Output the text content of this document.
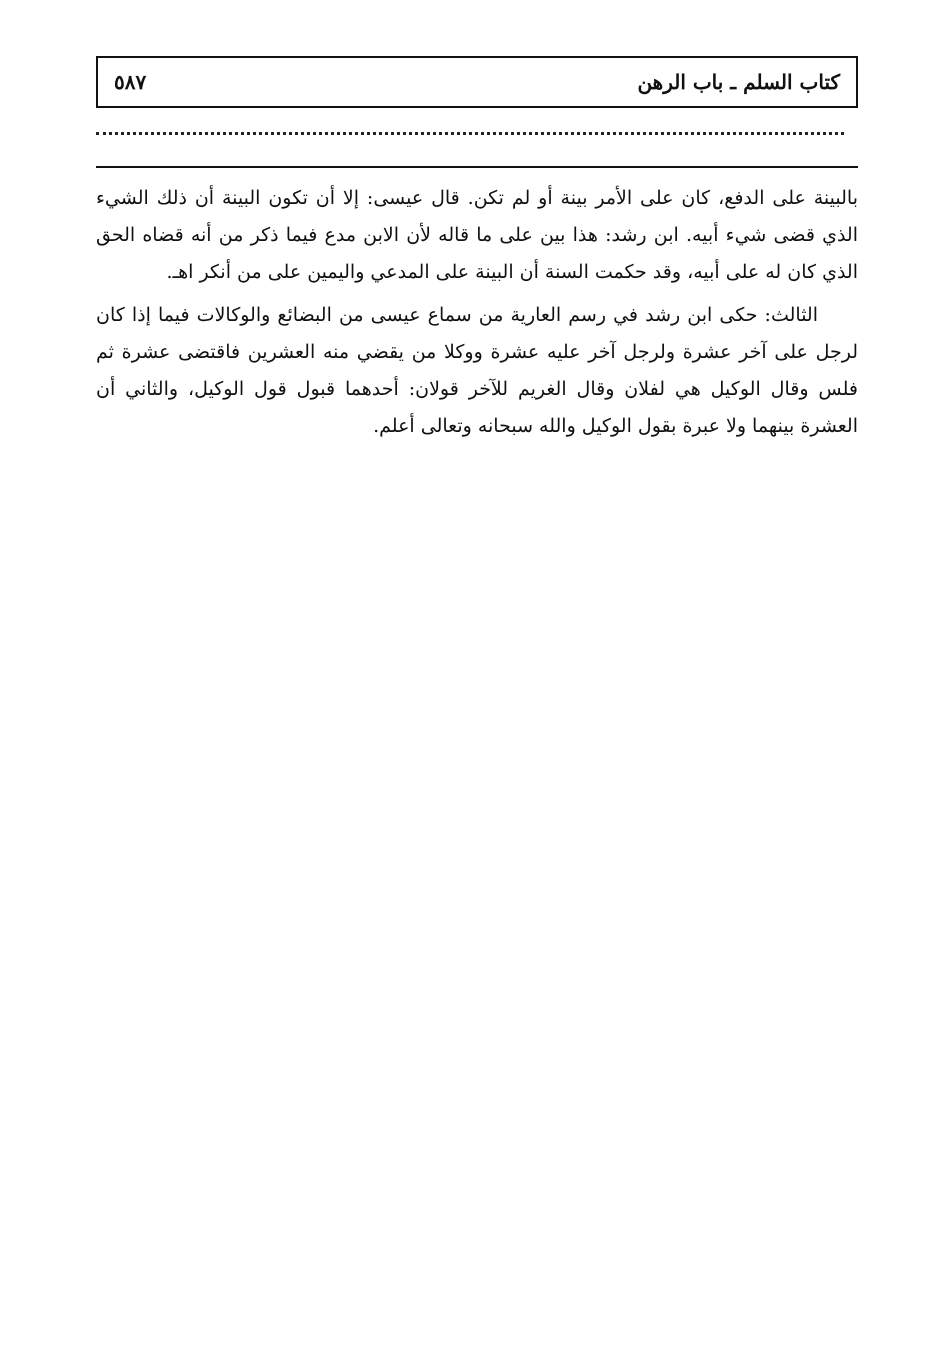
كتاب السلم ـ باب الرهن
٥٨٧

بالبينة على الدفع، كان على الأمر بينة أو لم تكن. قال عيسى: إلا أن تكون البينة أن ذلك الشيء الذي قضى شيء أبيه. ابن رشد: هذا بين على ما قاله لأن الابن مدع فيما ذكر من أنه قضاه الحق الذي كان له على أبيه، وقد حكمت السنة أن البينة على المدعي واليمين على من أنكر اهـ.

الثالث: حكى ابن رشد في رسم العارية من سماع عيسى من البضائع والوكالات فيما إذا كان لرجل على آخر عشرة ولرجل آخر عليه عشرة ووكلا من يقضي منه العشرين فاقتضى عشرة ثم فلس وقال الوكيل هي لفلان وقال الغريم للآخر قولان: أحدهما قبول قول الوكيل، والثاني أن العشرة بينهما ولا عبرة بقول الوكيل والله سبحانه وتعالى أعلم.
